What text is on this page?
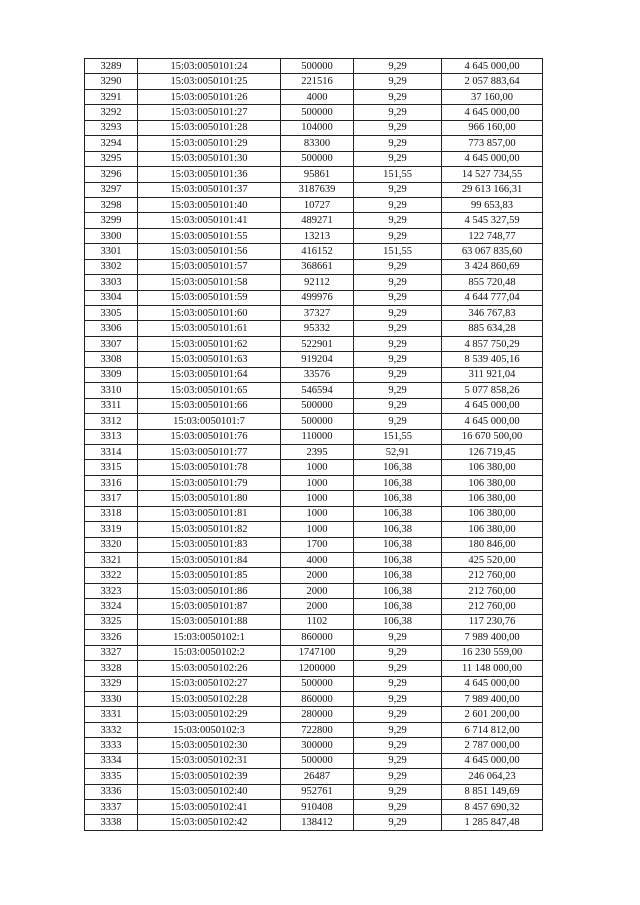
3289	15:03:0050101:24	500000	9,29	4 645 000,00
3290	15:03:0050101:25	221516	9,29	2 057 883,64
3291	15:03:0050101:26	4000	9,29	37 160,00
3292	15:03:0050101:27	500000	9,29	4 645 000,00
3293	15:03:0050101:28	104000	9,29	966 160,00
3294	15:03:0050101:29	83300	9,29	773 857,00
3295	15:03:0050101:30	500000	9,29	4 645 000,00
3296	15:03:0050101:36	95861	151,55	14 527 734,55
3297	15:03:0050101:37	3187639	9,29	29 613 166,31
3298	15:03:0050101:40	10727	9,29	99 653,83
3299	15:03:0050101:41	489271	9,29	4 545 327,59
3300	15:03:0050101:55	13213	9,29	122 748,77
3301	15:03:0050101:56	416152	151,55	63 067 835,60
3302	15:03:0050101:57	368661	9,29	3 424 860,69
3303	15:03:0050101:58	92112	9,29	855 720,48
3304	15:03:0050101:59	499976	9,29	4 644 777,04
3305	15:03:0050101:60	37327	9,29	346 767,83
3306	15:03:0050101:61	95332	9,29	885 634,28
3307	15:03:0050101:62	522901	9,29	4 857 750,29
3308	15:03:0050101:63	919204	9,29	8 539 405,16
3309	15:03:0050101:64	33576	9,29	311 921,04
3310	15:03:0050101:65	546594	9,29	5 077 858,26
3311	15:03:0050101:66	500000	9,29	4 645 000,00
3312	15:03:0050101:7	500000	9,29	4 645 000,00
3313	15:03:0050101:76	110000	151,55	16 670 500,00
3314	15:03:0050101:77	2395	52,91	126 719,45
3315	15:03:0050101:78	1000	106,38	106 380,00
3316	15:03:0050101:79	1000	106,38	106 380,00
3317	15:03:0050101:80	1000	106,38	106 380,00
3318	15:03:0050101:81	1000	106,38	106 380,00
3319	15:03:0050101:82	1000	106,38	106 380,00
3320	15:03:0050101:83	1700	106,38	180 846,00
3321	15:03:0050101:84	4000	106,38	425 520,00
3322	15:03:0050101:85	2000	106,38	212 760,00
3323	15:03:0050101:86	2000	106,38	212 760,00
3324	15:03:0050101:87	2000	106,38	212 760,00
3325	15:03:0050101:88	1102	106,38	117 230,76
3326	15:03:0050102:1	860000	9,29	7 989 400,00
3327	15:03:0050102:2	1747100	9,29	16 230 559,00
3328	15:03:0050102:26	1200000	9,29	11 148 000,00
3329	15:03:0050102:27	500000	9,29	4 645 000,00
3330	15:03:0050102:28	860000	9,29	7 989 400,00
3331	15:03:0050102:29	280000	9,29	2 601 200,00
3332	15:03:0050102:3	722800	9,29	6 714 812,00
3333	15:03:0050102:30	300000	9,29	2 787 000,00
3334	15:03:0050102:31	500000	9,29	4 645 000,00
3335	15:03:0050102:39	26487	9,29	246 064,23
3336	15:03:0050102:40	952761	9,29	8 851 149,69
3337	15:03:0050102:41	910408	9,29	8 457 690,32
3338	15:03:0050102:42	138412	9,29	1 285 847,48
